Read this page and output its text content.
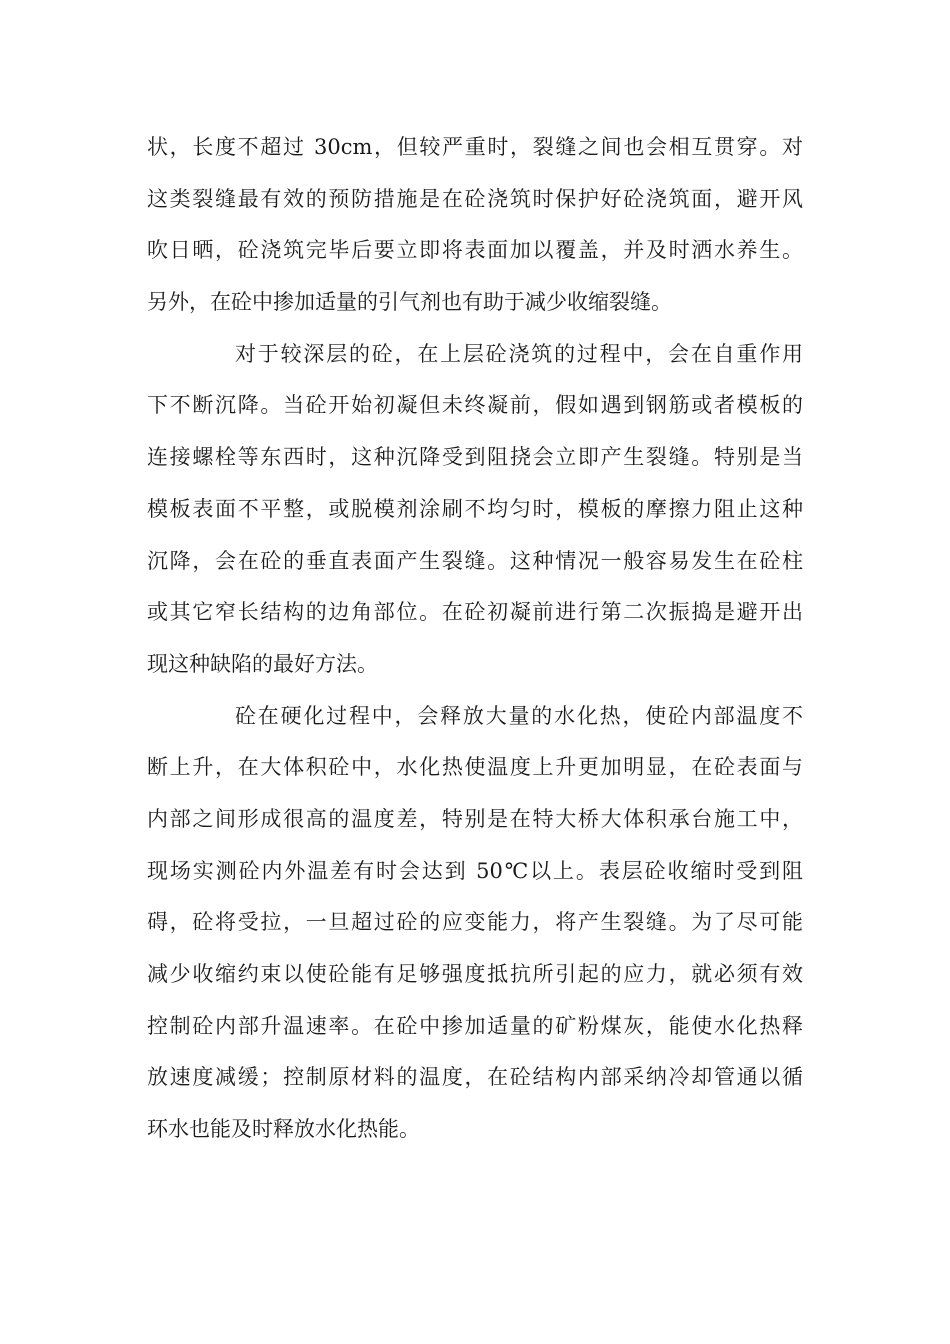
状，长度不超过 30cm，但较严重时，裂缝之间也会相互贯穿。对
这类裂缝最有效的预防措施是在砼浇筑时保护好砼浇筑面，避开风
吹日晒，砼浇筑完毕后要立即将表面加以覆盖，并及时洒水养生。
另外，在砼中掺加适量的引气剂也有助于减少收缩裂缝。
对于较深层的砼，在上层砼浇筑的过程中，会在自重作用
下不断沉降。当砼开始初凝但未终凝前，假如遇到钢筋或者模板的
连接螺栓等东西时，这种沉降受到阻挠会立即产生裂缝。特别是当
模板表面不平整，或脱模剂涂刷不均匀时，模板的摩擦力阻止这种
沉降，会在砼的垂直表面产生裂缝。这种情况一般容易发生在砼柱
或其它窄长结构的边角部位。在砼初凝前进行第二次振捣是避开出
现这种缺陷的最好方法。
砼在硬化过程中，会释放大量的水化热，使砼内部温度不
断上升，在大体积砼中，水化热使温度上升更加明显，在砼表面与
内部之间形成很高的温度差，特别是在特大桥大体积承台施工中，
现场实测砼内外温差有时会达到 50℃以上。表层砼收缩时受到阻
碍，砼将受拉，一旦超过砼的应变能力，将产生裂缝。为了尽可能
减少收缩约束以使砼能有足够强度抵抗所引起的应力，就必须有效
控制砼内部升温速率。在砼中掺加适量的矿粉煤灰，能使水化热释
放速度减缓；控制原材料的温度，在砼结构内部采纳冷却管通以循
环水也能及时释放水化热能。
